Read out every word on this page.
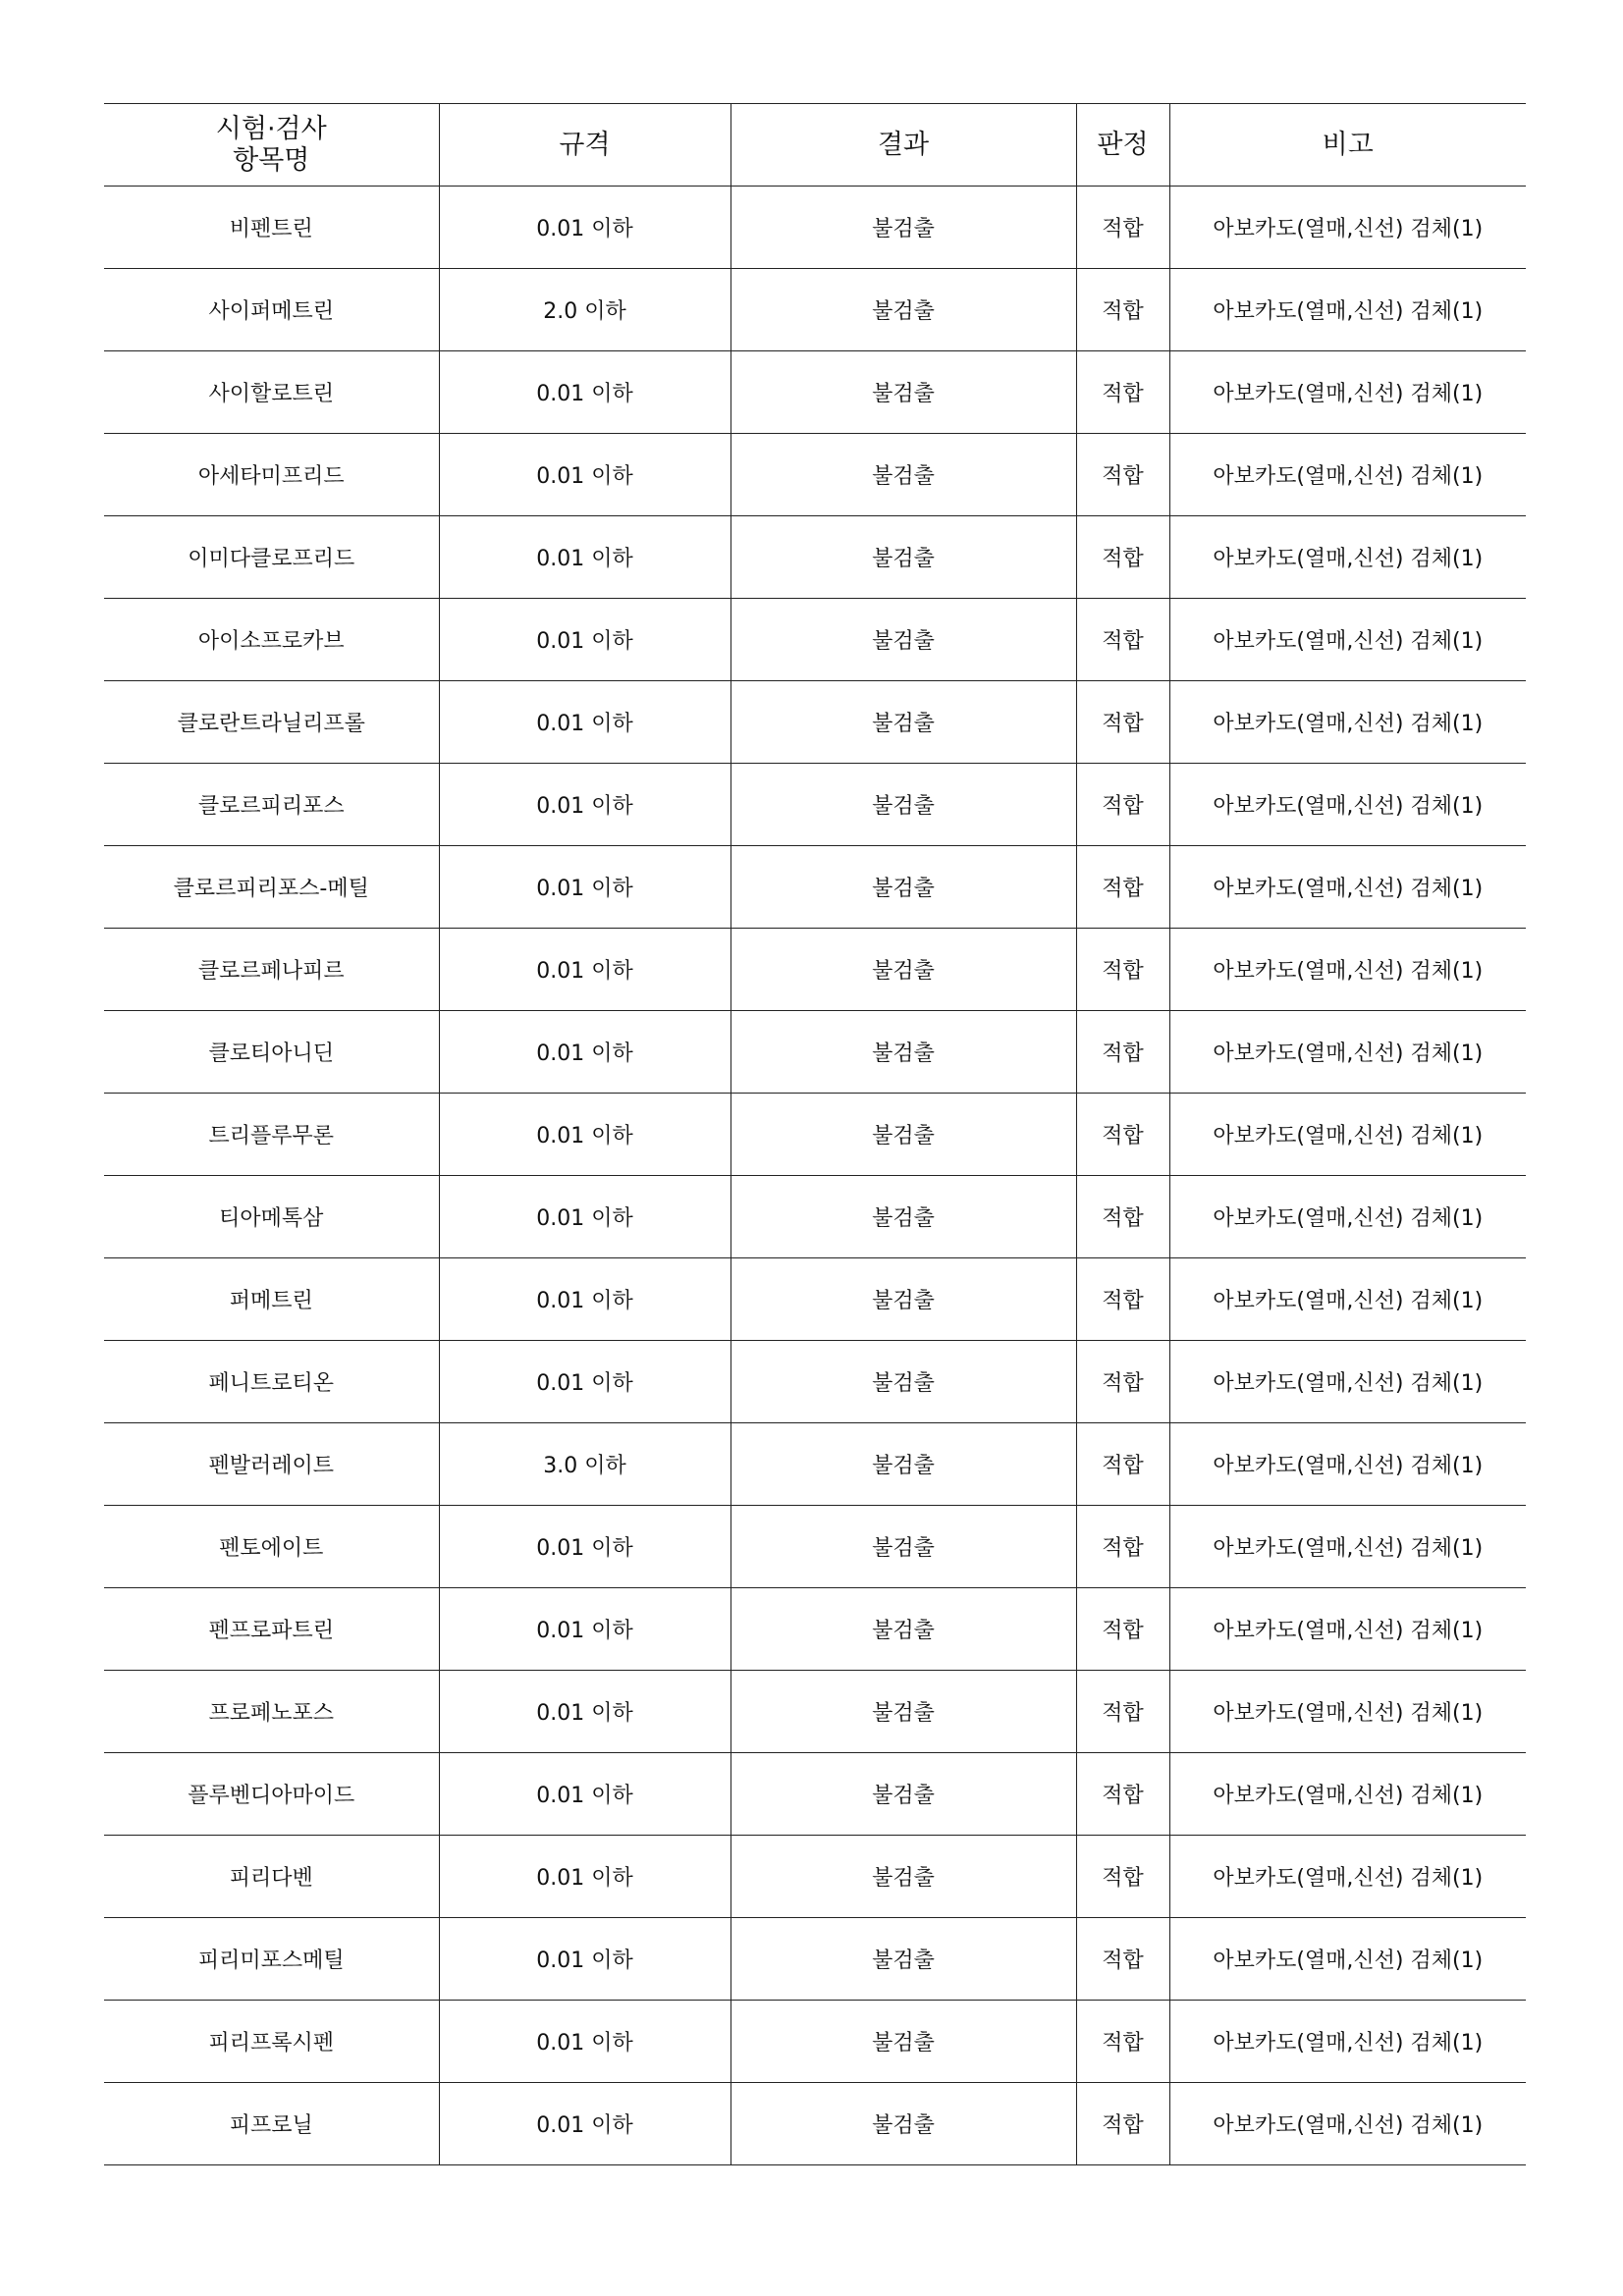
시험·검사
항목명	규격	결과	판정	비고
비펜트린	0.01 이하	불검출	적합	아보카도(열매,신선) 검체(1)
사이퍼메트린	2.0 이하	불검출	적합	아보카도(열매,신선) 검체(1)
사이할로트린	0.01 이하	불검출	적합	아보카도(열매,신선) 검체(1)
아세타미프리드	0.01 이하	불검출	적합	아보카도(열매,신선) 검체(1)
이미다클로프리드	0.01 이하	불검출	적합	아보카도(열매,신선) 검체(1)
아이소프로카브	0.01 이하	불검출	적합	아보카도(열매,신선) 검체(1)
클로란트라닐리프롤	0.01 이하	불검출	적합	아보카도(열매,신선) 검체(1)
클로르피리포스	0.01 이하	불검출	적합	아보카도(열매,신선) 검체(1)
클로르피리포스-메틸	0.01 이하	불검출	적합	아보카도(열매,신선) 검체(1)
클로르페나피르	0.01 이하	불검출	적합	아보카도(열매,신선) 검체(1)
클로티아니딘	0.01 이하	불검출	적합	아보카도(열매,신선) 검체(1)
트리플루무론	0.01 이하	불검출	적합	아보카도(열매,신선) 검체(1)
티아메톡삼	0.01 이하	불검출	적합	아보카도(열매,신선) 검체(1)
퍼메트린	0.01 이하	불검출	적합	아보카도(열매,신선) 검체(1)
페니트로티온	0.01 이하	불검출	적합	아보카도(열매,신선) 검체(1)
펜발러레이트	3.0 이하	불검출	적합	아보카도(열매,신선) 검체(1)
펜토에이트	0.01 이하	불검출	적합	아보카도(열매,신선) 검체(1)
펜프로파트린	0.01 이하	불검출	적합	아보카도(열매,신선) 검체(1)
프로페노포스	0.01 이하	불검출	적합	아보카도(열매,신선) 검체(1)
플루벤디아마이드	0.01 이하	불검출	적합	아보카도(열매,신선) 검체(1)
피리다벤	0.01 이하	불검출	적합	아보카도(열매,신선) 검체(1)
피리미포스메틸	0.01 이하	불검출	적합	아보카도(열매,신선) 검체(1)
피리프록시펜	0.01 이하	불검출	적합	아보카도(열매,신선) 검체(1)
피프로닐	0.01 이하	불검출	적합	아보카도(열매,신선) 검체(1)
